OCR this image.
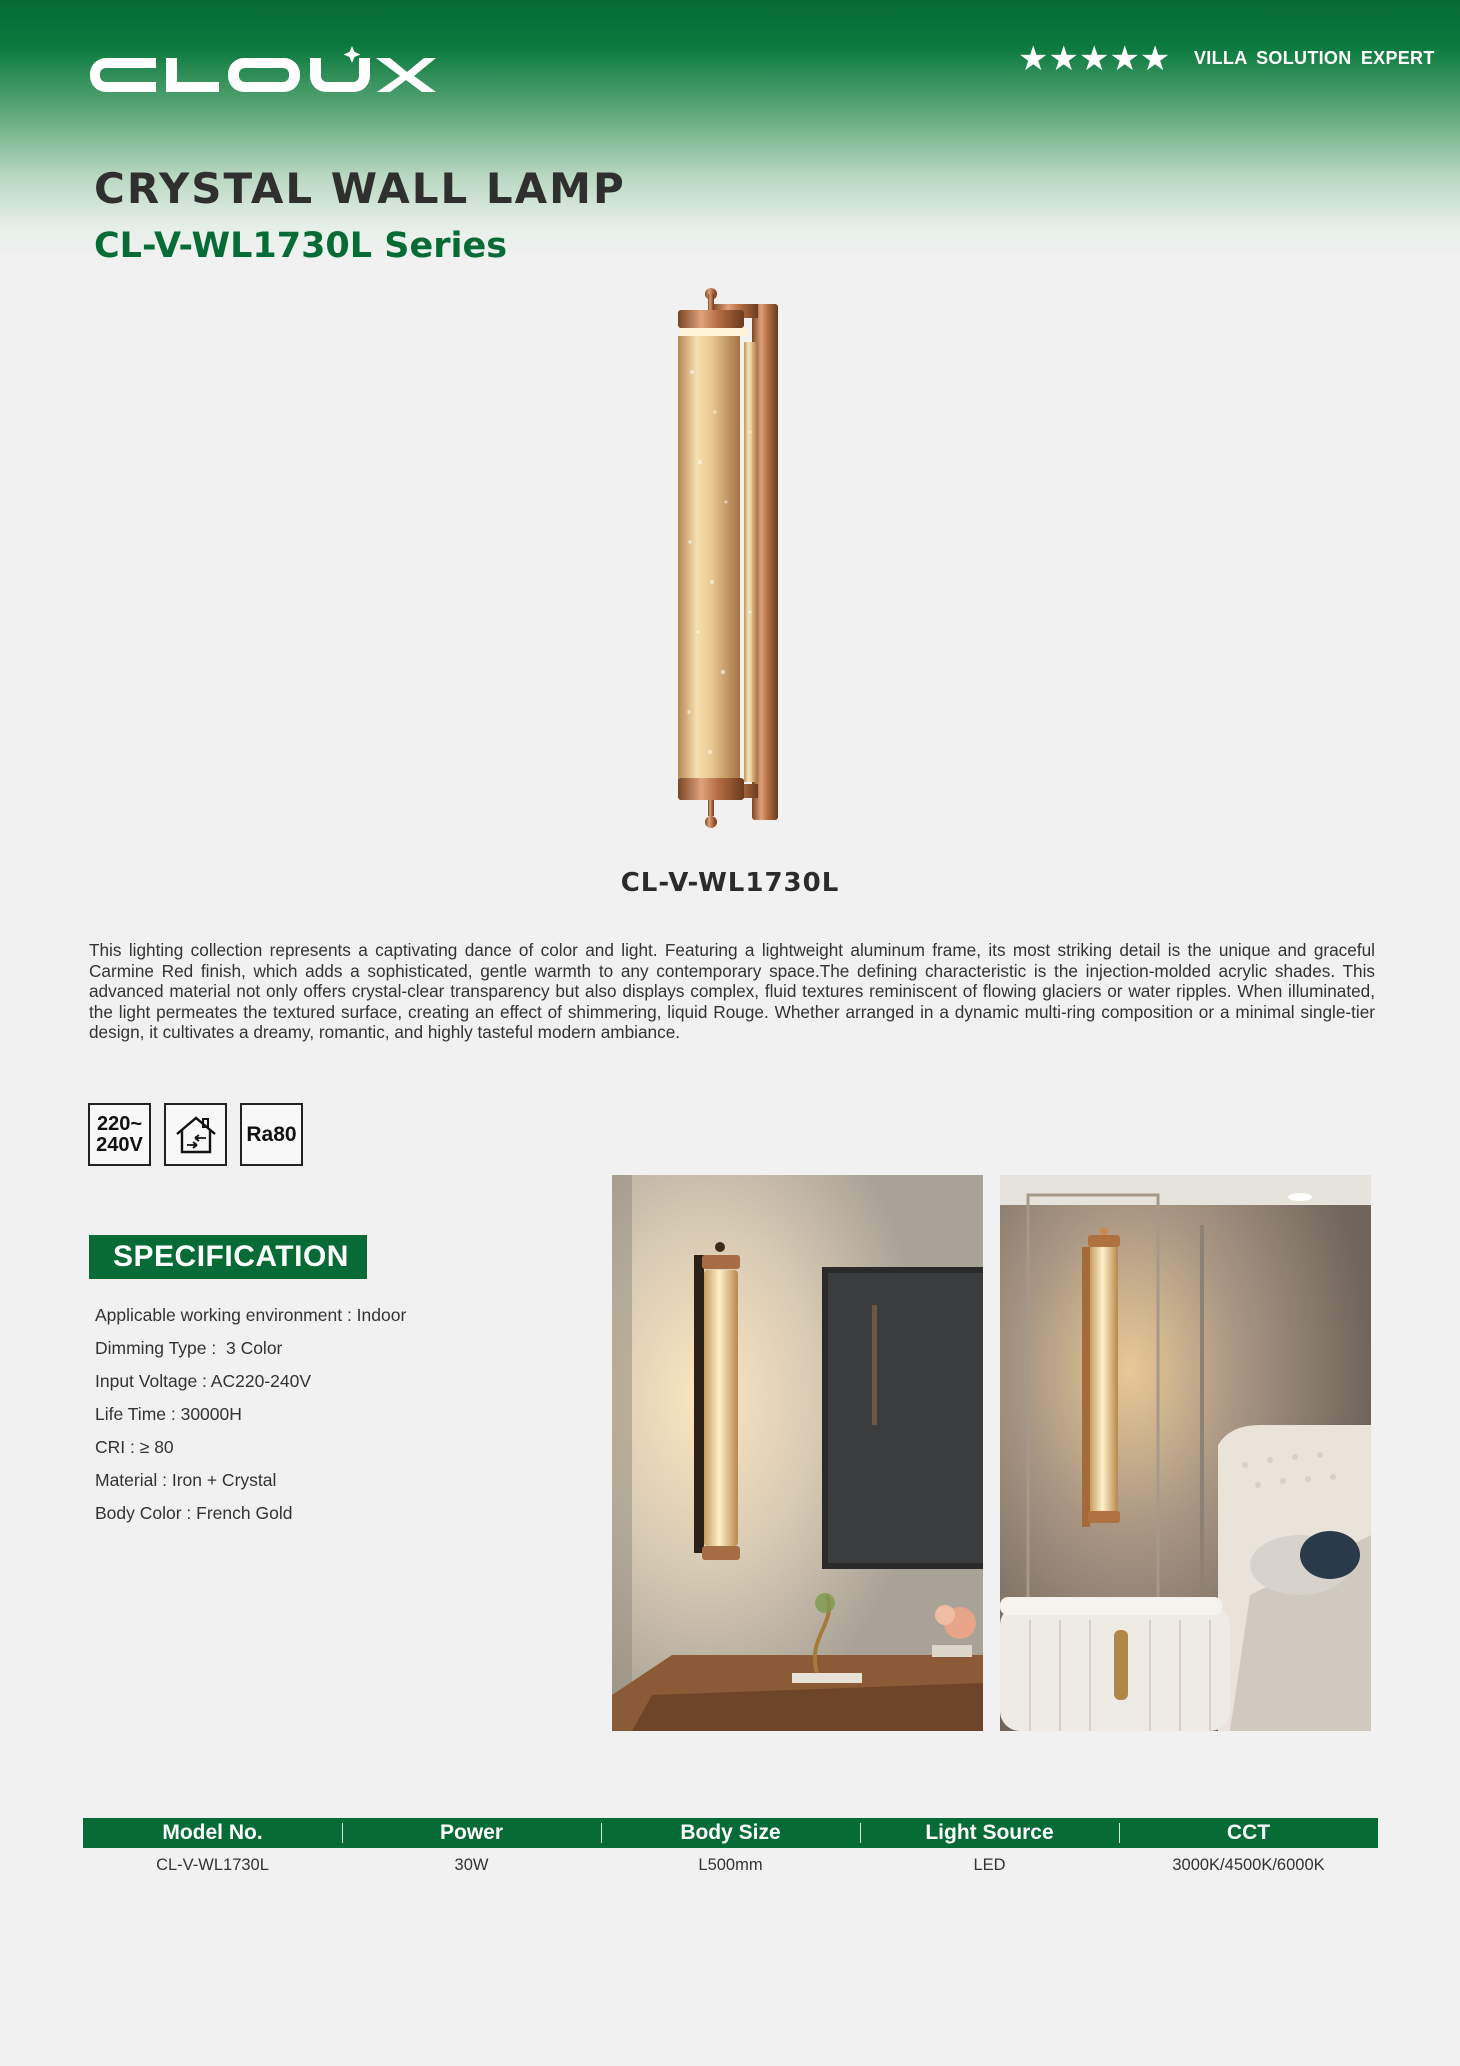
★★★★★ VILLA SOLUTION EXPERT
CRYSTAL WALL LAMP
CL-V-WL1730L Series
CL-V-WL1730L

This lighting collection represents a captivating dance of color and light. Featuring a lightweight aluminum frame, its most striking detail is the unique and graceful Carmine Red finish, which adds a sophisticated, gentle warmth to any contemporary space.The defining characteristic is the injection-molded acrylic shades. This advanced material not only offers crystal-clear transparency but also displays complex, fluid textures reminiscent of flowing glaciers or water ripples. When illuminated, the light permeates the textured surface, creating an effect of shimmering, liquid Rouge. Whether arranged in a dynamic multi-ring composition or a minimal single-tier design, it cultivates a dreamy, romantic, and highly tasteful modern ambiance.

220~
240V	Ra80
SPECIFICATION
Applicable working environment : Indoor
Dimming Type :  3 Color
Input Voltage : AC220-240V
Life Time : 30000H
CRI : ≥ 80
Material : Iron + Crystal
Body Color : French Gold
Model No.	Power	Body Size	Light Source	CCT
CL-V-WL1730L	30W	L500mm	LED	3000K/4500K/6000K
